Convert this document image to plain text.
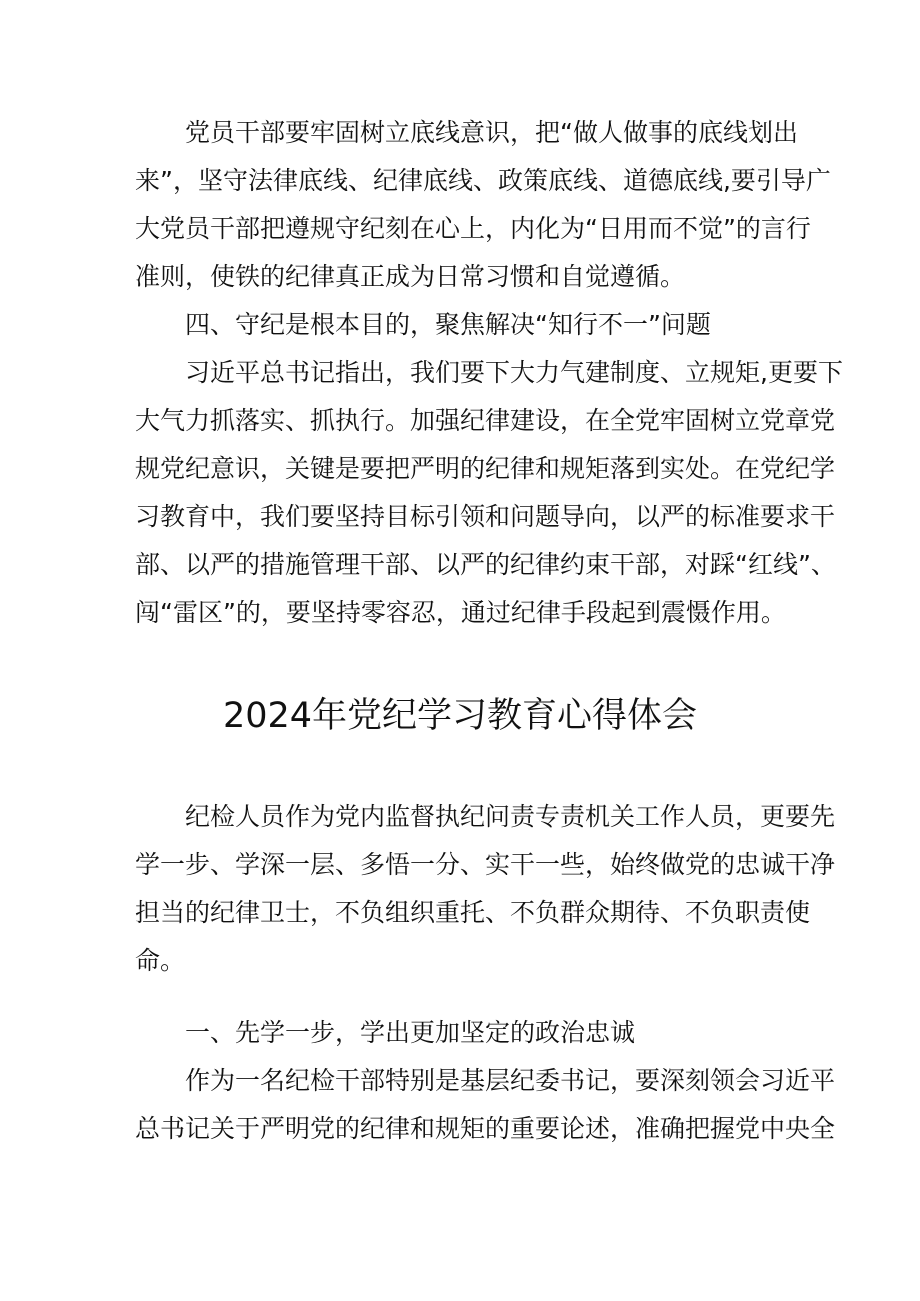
党员干部要牢固树立底线意识，把“做人做事的底线划出
来”，坚守法律底线、纪律底线、政策底线、道德底线,要引导广
大党员干部把遵规守纪刻在心上，内化为“日用而不觉”的言行
准则，使铁的纪律真正成为日常习惯和自觉遵循。
四、守纪是根本目的，聚焦解决“知行不一”问题
习近平总书记指出，我们要下大力气建制度、立规矩,更要下
大气力抓落实、抓执行。加强纪律建设，在全党牢固树立党章党
规党纪意识，关键是要把严明的纪律和规矩落到实处。在党纪学
习教育中，我们要坚持目标引领和问题导向，以严的标准要求干
部、以严的措施管理干部、以严的纪律约束干部，对踩“红线”、
闯“雷区”的，要坚持零容忍，通过纪律手段起到震慑作用。
2024年党纪学习教育心得体会
纪检人员作为党内监督执纪问责专责机关工作人员，更要先
学一步、学深一层、多悟一分、实干一些，始终做党的忠诚干净
担当的纪律卫士，不负组织重托、不负群众期待、不负职责使
命。
一、先学一步，学出更加坚定的政治忠诚
作为一名纪检干部特别是基层纪委书记，要深刻领会习近平
总书记关于严明党的纪律和规矩的重要论述，准确把握党中央全
